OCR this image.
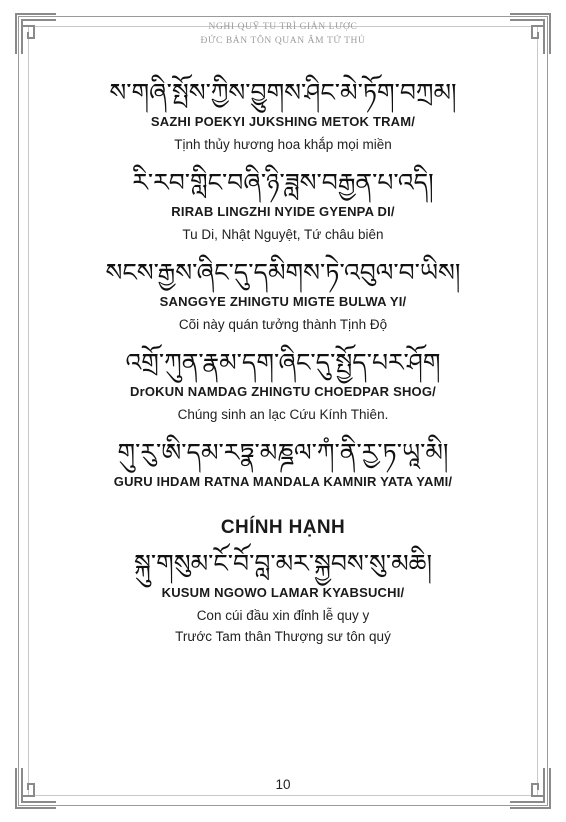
NGHI QUỸ TU TRÌ GIẢN LƯỢC
ĐỨC BẢN TÔN QUAN ÂM TỨ THỦ

ས་གཞི་སྤོས་ཀྱིས་བྱུགས་ཤིང་མེ་ཏོག་བཀྲམ།

SAZHI POEKYI JUKSHING METOK TRAM/

Tịnh thủy hương hoa khắp mọi miền

རི་རབ་གླིང་བཞི་ཉི་ཟླས་བརྒྱན་པ་འདི།

RIRAB LINGZHI NYIDE GYENPA DI/

Tu Di, Nhật Nguyệt, Tứ châu biên

སངས་རྒྱས་ཞིང་དུ་དམིགས་ཏེ་འབུལ་བ་ཡིས།

SANGGYE ZHINGTU MIGTE BULWA YI/

Cõi này quán tưởng thành Tịnh Độ

འགྲོ་ཀུན་རྣམ་དག་ཞིང་དུ་སྤྱོད་པར་ཤོག

DrOKUN NAMDAG ZHINGTU CHOEDPAR SHOG/

Chúng sinh an lạc Cứu Kính Thiên.

གུ་རུ་ཨི་དམ་རཏྣ་མཎྜལ་ཀཾ་ནི་རྱ་ཏ་ཡཱ་མི།

GURU IHDAM RATNA MANDALA KAMNIR YATA YAMI/

CHÍNH HẠNH

སྐུ་གསུམ་ངོ་བོ་བླ་མར་སྐྱབས་སུ་མཆི།

KUSUM NGOWO LAMAR KYABSUCHI/

Con cúi đầu xin đỉnh lễ quy y

Trước Tam thân Thượng sư tôn quý

10
